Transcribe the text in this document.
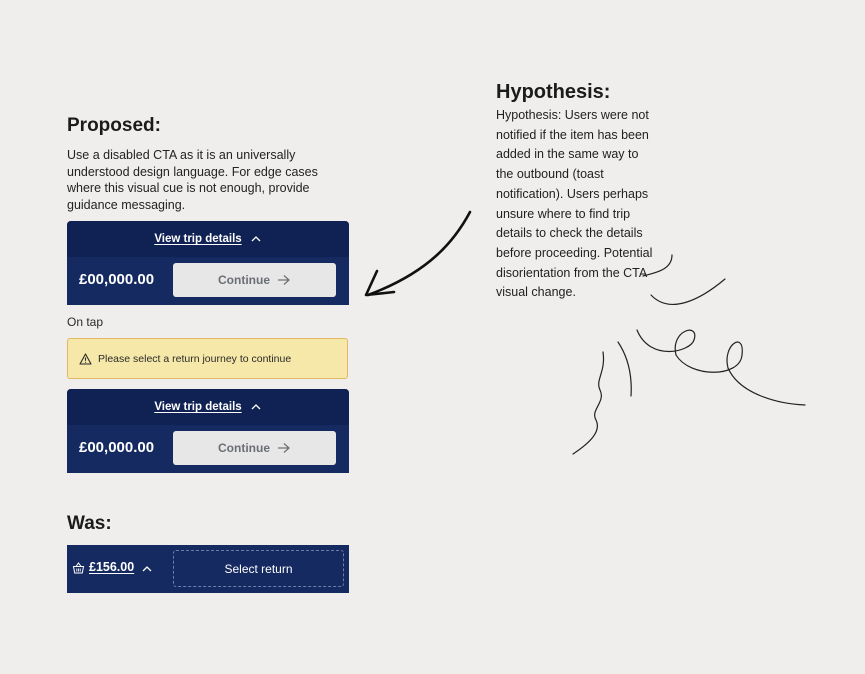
Proposed:
Use a disabled CTA as it is an universally understood design language. For edge cases where this visual cue is not enough, provide guidance messaging.
View trip details
£00,000.00	Continue
On tap
Please select a return journey to continue
View trip details
£00,000.00	Continue
Was:
£156.00	Select return
Hypothesis:
Hypothesis: Users were not notified if the item has been added in the same way to the outbound (toast notification). Users perhaps unsure where to find trip details to check the details before proceeding. Potential disorientation from the CTA visual change.
